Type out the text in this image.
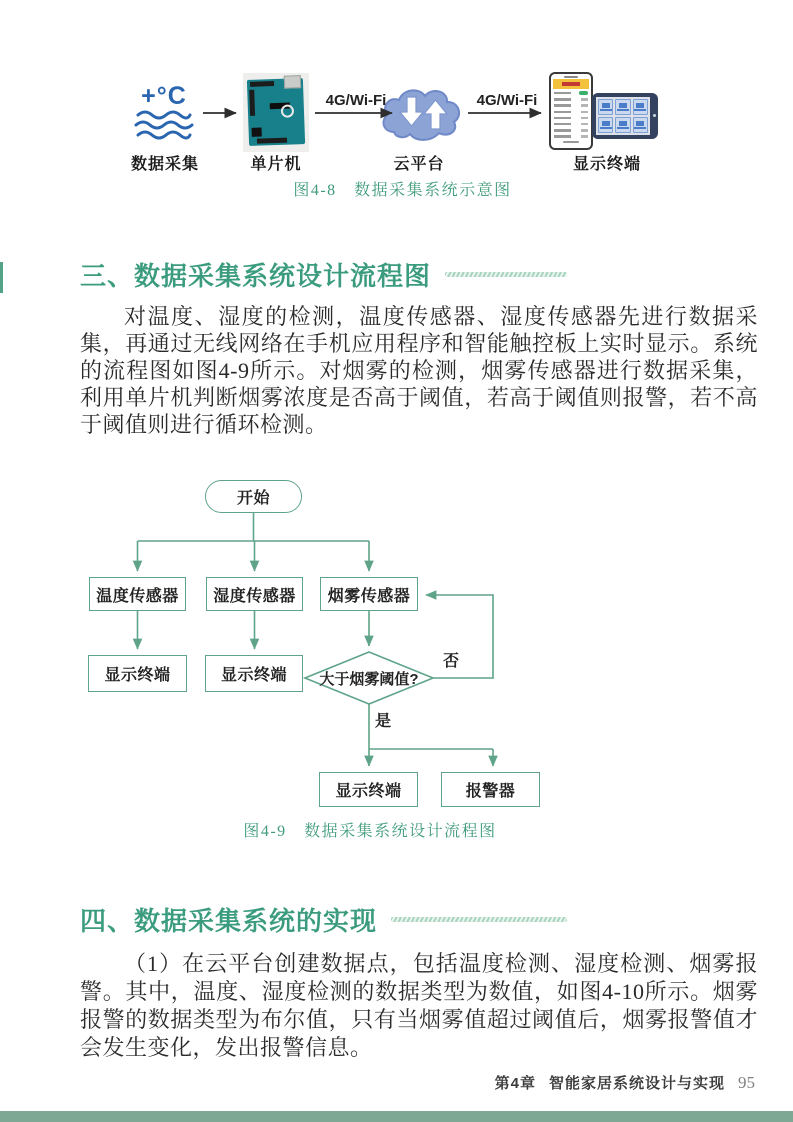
+°C	4G/Wi-Fi	4G/Wi-Fi
数据采集	单片机	云平台	显示终端
图4-8　数据采集系统示意图
三、数据采集系统设计流程图
对温度、湿度的检测，温度传感器、湿度传感器先进行数据采集，再通过无线网络在手机应用程序和智能触控板上实时显示。系统的流程图如图4-9所示。对烟雾的检测，烟雾传感器进行数据采集，利用单片机判断烟雾浓度是否高于阈值，若高于阈值则报警，若不高于阈值则进行循环检测。
开始
温度传感器	湿度传感器	烟雾传感器
显示终端	显示终端	大于烟雾阈值?
否
是
显示终端	报警器
图4-9　数据采集系统设计流程图
四、数据采集系统的实现
（1）在云平台创建数据点，包括温度检测、湿度检测、烟雾报警。其中，温度、湿度检测的数据类型为数值，如图4-10所示。烟雾报警的数据类型为布尔值，只有当烟雾值超过阈值后，烟雾报警值才会发生变化，发出报警信息。
第4章 智能家居系统设计与实现 95
